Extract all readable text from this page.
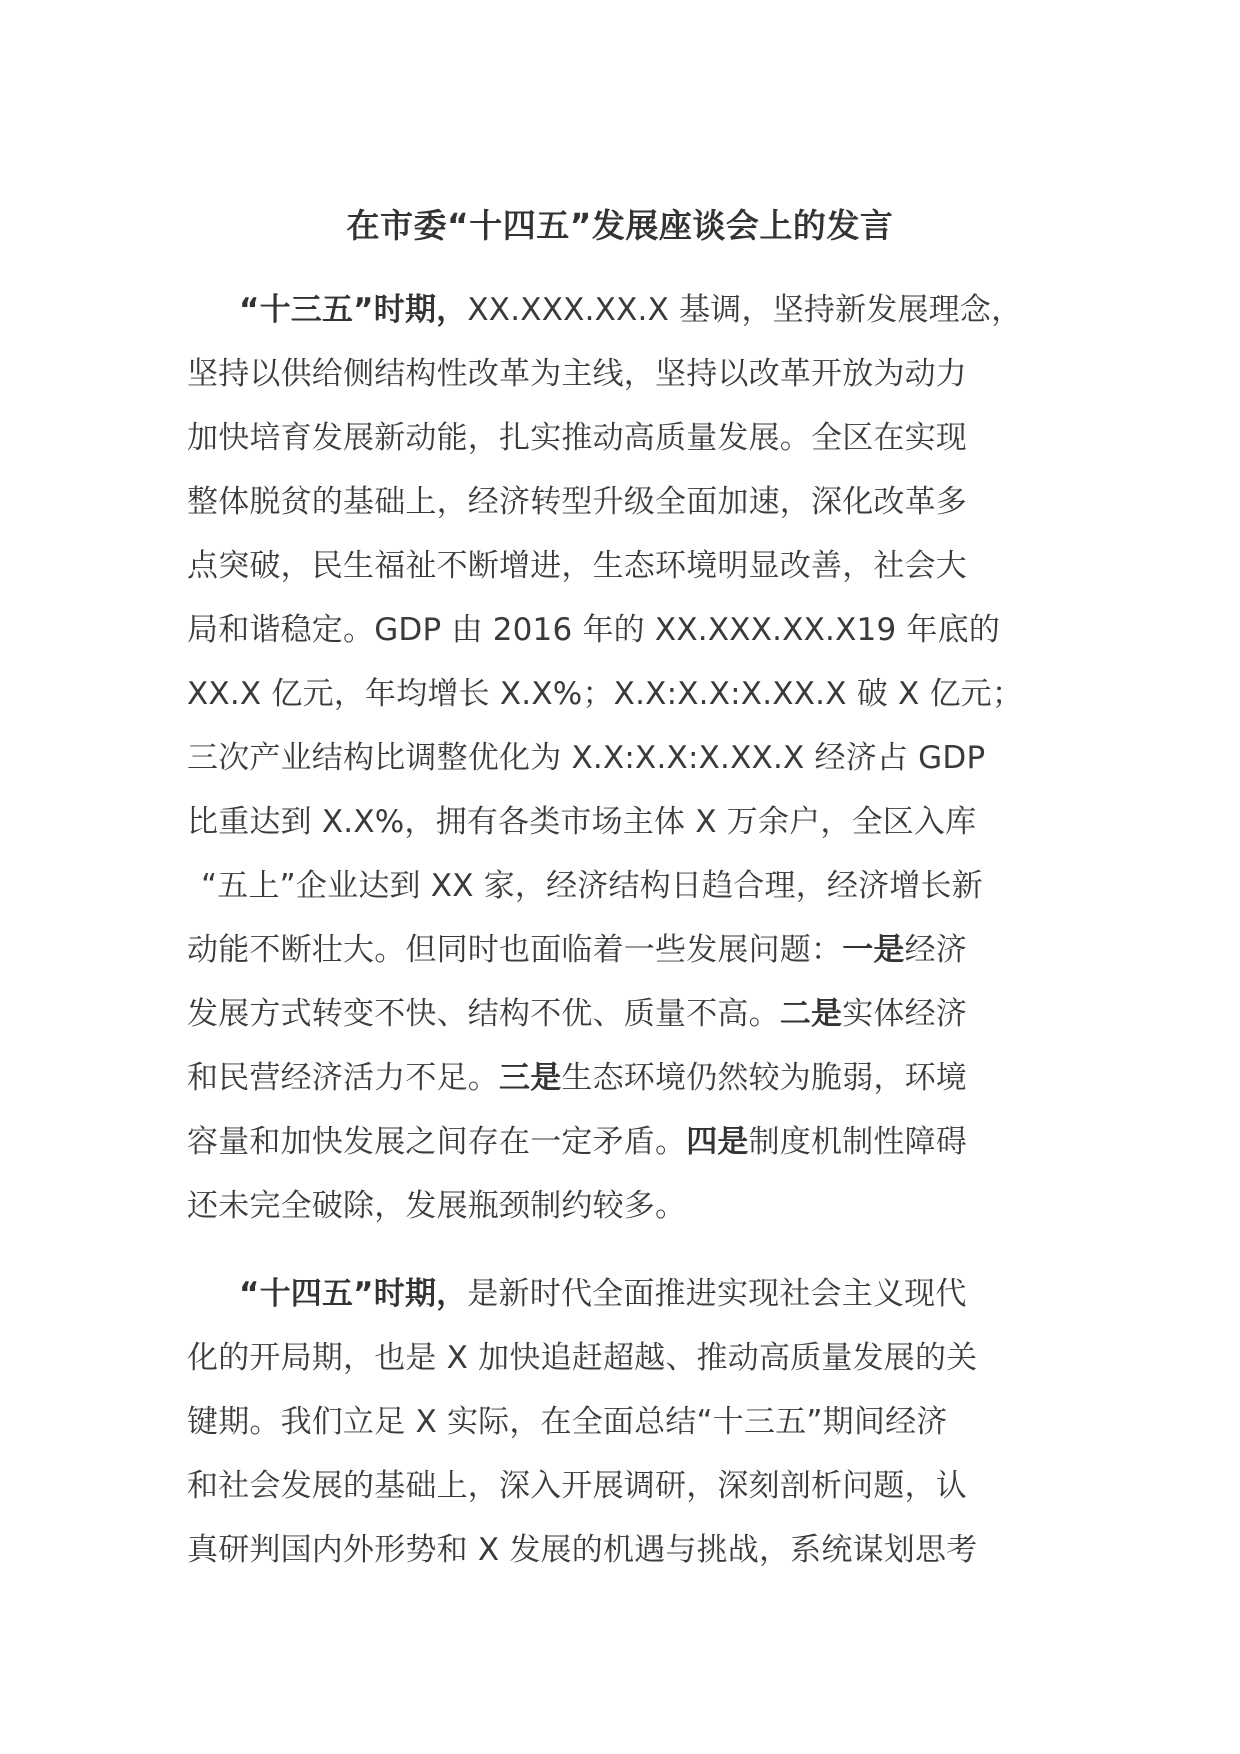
在市委“十四五”发展座谈会上的发言
“十三五”时期，XX.XXX.XX.X 基调，坚持新发展理念，
坚持以供给侧结构性改革为主线，坚持以改革开放为动力
加快培育发展新动能，扎实推动高质量发展。全区在实现
整体脱贫的基础上，经济转型升级全面加速，深化改革多
点突破，民生福祉不断增进，生态环境明显改善，社会大
局和谐稳定。GDP 由 2016 年的 XX.XXX.XX.X19 年底的
XX.X 亿元，年均增长 X.X%；X.X:X.X:X.XX.X 破 X 亿元；
三次产业结构比调整优化为 X.X:X.X:X.XX.X 经济占 GDP
比重达到 X.X%，拥有各类市场主体 X 万余户，全区入库
“五上”企业达到 XX 家，经济结构日趋合理，经济增长新
动能不断壮大。但同时也面临着一些发展问题：一是经济
发展方式转变不快、结构不优、质量不高。二是实体经济
和民营经济活力不足。三是生态环境仍然较为脆弱，环境
容量和加快发展之间存在一定矛盾。四是制度机制性障碍
还未完全破除，发展瓶颈制约较多。
“十四五”时期，是新时代全面推进实现社会主义现代
化的开局期，也是 X 加快追赶超越、推动高质量发展的关
键期。我们立足 X 实际，在全面总结“十三五”期间经济
和社会发展的基础上，深入开展调研，深刻剖析问题，认
真研判国内外形势和 X 发展的机遇与挑战，系统谋划思考
